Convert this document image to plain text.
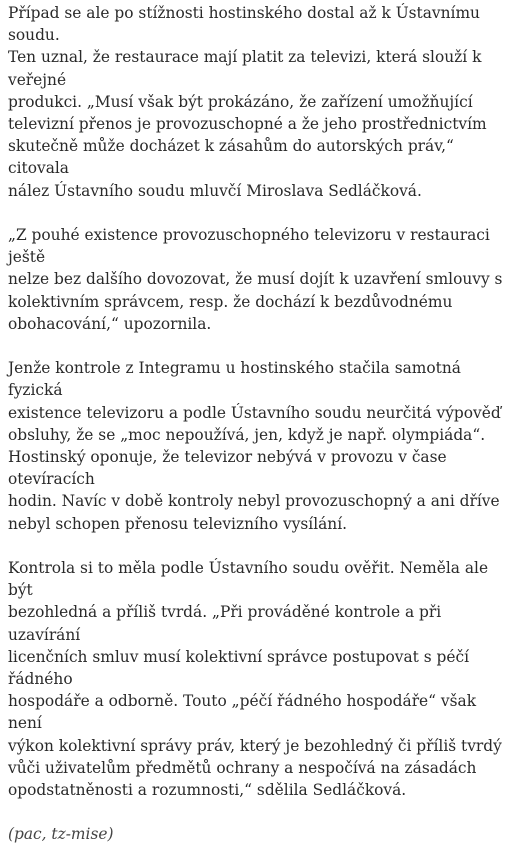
Případ se ale po stížnosti hostinského dostal až k Ústavnímu soudu.
Ten uznal, že restaurace mají platit za televizi, která slouží k veřejné
produkci. „Musí však být prokázáno, že zařízení umožňující
televizní přenos je provozuschopné a že jeho prostřednictvím
skutečně může docházet k zásahům do autorských práv,“ citovala
nález Ústavního soudu mluvčí Miroslava Sedláčková.

„Z pouhé existence provozuschopného televizoru v restauraci ještě
nelze bez dalšího dovozovat, že musí dojít k uzavření smlouvy s
kolektivním správcem, resp. že dochází k bezdůvodnému
obohacování,“ upozornila.

Jenže kontrole z Integramu u hostinského stačila samotná fyzická
existence televizoru a podle Ústavního soudu neurčitá výpověď
obsluhy, že se „moc nepoužívá, jen, když je např. olympiáda“.
Hostinský oponuje, že televizor nebývá v provozu v čase otevíracích
hodin. Navíc v době kontroly nebyl provozuschopný a ani dříve
nebyl schopen přenosu televizního vysílání.

Kontrola si to měla podle Ústavního soudu ověřit. Neměla ale být
bezohledná a příliš tvrdá. „Při prováděné kontrole a při uzavírání
licenčních smluv musí kolektivní správce postupovat s péčí řádného
hospodáře a odborně. Touto „péčí řádného hospodáře“ však není
výkon kolektivní správy práv, který je bezohledný či příliš tvrdý
vůči uživatelům předmětů ochrany a nespočívá na zásadách
opodstatněnosti a rozumnosti,“ sdělila Sedláčková.

(pac, tz-mise)
